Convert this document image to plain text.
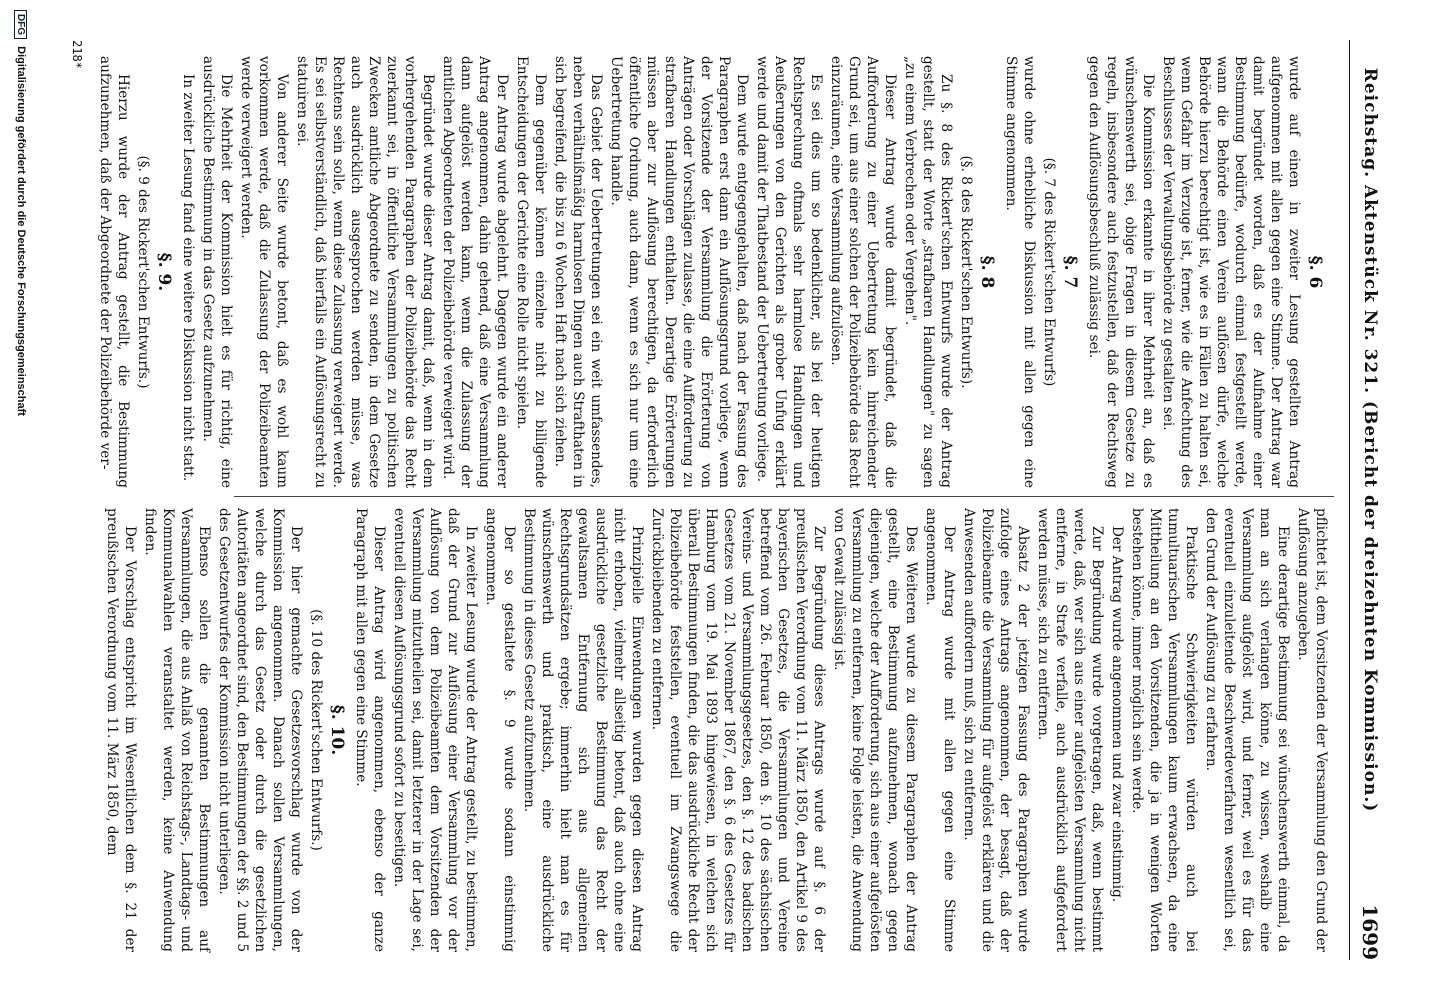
Reichstag. Aktenstück Nr. 321. (Bericht der dreizehnten Kommission.)
1699
§. 6

wurde auf einen in zweiter Lesung gestellten Antrag aufgenommen mit allen gegen eine Stimme. Der Antrag war damit begründet worden, daß es der Aufnahme einer Bestimmung bedürfe, wodurch einmal festgestellt werde, wann die Behörde einen Verein auflösen dürfe, welche Behörde hierzu berechtigt ist, wie es in Fällen zu halten sei, wenn Gefahr im Verzuge ist, ferner, wie die Anfechtung des Beschlusses der Verwaltungsbehörde zu gestalten sei.

Die Kommission erkannte in ihrer Mehrheit an, daß es wünschenswerth sei, obige Fragen in diesem Gesetze zu regeln, insbesondere auch festzustellen, daß der Rechtsweg gegen den Auflösungsbeschluß zulässig sei.

§. 7

(§. 7 des Rickert'schen Entwurfs)

wurde ohne erhebliche Diskussion mit allen gegen eine Stimme angenommen.

§. 8

(§. 8 des Rickert'schen Entwurfs).

Zu §. 8 des Rickert'schen Entwurfs wurde der Antrag gestellt, statt der Worte „strafbaren Handlungen" zu sagen „zu einem Verbrechen oder Vergehen".

Dieser Antrag wurde damit begründet, daß die Aufforderung zu einer Uebertretung kein hinreichender Grund sei, um aus einer solchen der Polizeibehörde das Recht einzuräumen, eine Versammlung aufzulösen.

Es sei dies um so bedenklicher, als bei der heutigen Rechtsprechung oftmals sehr harmlose Handlungen und Aeußerungen von den Gerichten als grober Unfug erklärt werde und damit der Thatbestand der Uebertretung vorliege.

Dem wurde entgegengehalten, daß nach der Fassung des Paragraphen erst dann ein Auflösungsgrund vorliege, wenn der Vorsitzende der Versammlung die Erörterung von Anträgen oder Vorschlägen zulasse, die eine Aufforderung zu strafbaren Handlungen enthalten. Derartige Erörterungen müssen aber zur Auflösung berechtigen, da erforderlich öffentliche Ordnung, auch dann, wenn es sich nur um eine Uebertretung handle.

Das Gebiet der Uebertretungen sei ein weit umfassendes, neben verhältnißmäßig harmlosen Dingen auch Strafthaten in sich begreifend, die bis zu 6 Wochen Haft nach sich ziehen.

Dem gegenüber können einzelne nicht zu billigende Entscheidungen der Gerichte eine Rolle nicht spielen.

Der Antrag wurde abgelehnt. Dagegen wurde ein anderer Antrag angenommen, dahin gehend, daß eine Versammlung dann aufgelöst werden kann, wenn die Zulassung der amtlichen Abgeordneten der Polizeibehörde verweigert wird.

Begründet wurde dieser Antrag damit, daß, wenn in dem vorhergehenden Paragraphen der Polizeibehörde das Recht zuerkannt sei, in öffentliche Versammlungen zu politischen Zwecken amtliche Abgeordnete zu senden, in dem Gesetze auch ausdrücklich ausgesprochen werden müsse, was Rechtens sein solle, wenn diese Zulassung verweigert werde. Es sei selbstverständlich, daß hierfalls ein Auflösungsrecht zu statuiren sei.

Von anderer Seite wurde betont, daß es wohl kaum vorkommen werde, daß die Zulassung der Polizeibeamten werde verweigert werden.

Die Mehrheit der Kommission hielt es für richtig, eine ausdrückliche Bestimmung in das Gesetz aufzunehmen.

In zweiter Lesung fand eine weitere Diskussion nicht statt.

§. 9.

(§. 9 des Rickert'schen Entwurfs.)

Hierzu wurde der Antrag gestellt, die Bestimmung aufzunehmen, daß der Abgeordnete der Polizeibehörde ver-

pflichtet ist, dem Vorsitzenden der Versammlung den Grund der Auflösung anzugeben.

Eine derartige Bestimmung sei wünschenswerth einmal, da man an sich verlangen könne, zu wissen, weshalb eine Versammlung aufgelöst wird, und ferner, weil es für das eventuell einzuleitende Beschwerdeverfahren wesentlich sei, den Grund der Auflösung zu erfahren.

Praktische Schwierigkeiten würden auch bei tumultuarischen Versammlungen kaum erwachsen, da eine Mittheilung an den Vorsitzenden, die ja in wenigen Worten bestehen könne, immer möglich sein werde.

Der Antrag wurde angenommen und zwar einstimmig.

Zur Begründung wurde vorgetragen, daß, wenn bestimmt werde, daß, wer sich aus einer aufgelösten Versammlung nicht entferne, in Strafe verfalle, auch ausdrücklich aufgefordert werden müsse, sich zu entfernen.

Absatz 2 der jetzigen Fassung des Paragraphen wurde zufolge eines Antrags angenommen, der besagt, daß der Polizeibeamte die Versammlung für aufgelöst erklären und die Anwesenden auffordern muß, sich zu entfernen.

Der Antrag wurde mit allen gegen eine Stimme angenommen.

Des Weiteren wurde zu diesem Paragraphen der Antrag gestellt, eine Bestimmung aufzunehmen, wonach gegen diejenigen, welche der Aufforderung, sich aus einer aufgelösten Versammlung zu entfernen, keine Folge leisten, die Anwendung von Gewalt zulässig ist.

Zur Begründung dieses Antrags wurde auf §. 6 der preußischen Verordnung vom 11. März 1850, den Artikel 9 des bayerischen Gesetzes, die Versammlungen und Vereine betreffend vom 26. Februar 1850, den §. 10 des sächsischen Vereins- und Versammlungsgesetzes, den §. 12 des badischen Gesetzes vom 21. November 1867, den §. 6 des Gesetzes für Hamburg vom 19. Mai 1893 hingewiesen, in welchen sich überall Bestimmungen finden, die das ausdrückliche Recht der Polizeibehörde feststellen, eventuell im Zwangswege die Zurückbleibenden zu entfernen.

Prinzipielle Einwendungen wurden gegen diesen Antrag nicht erhoben, vielmehr allseitig betont, daß auch ohne eine ausdrückliche gesetzliche Bestimmung das Recht der gewaltsamen Entfernung sich aus allgemeinen Rechtsgrundsätzen ergebe; immerhin hielt man es für wünschenswerth und praktisch, eine ausdrückliche Bestimmung in dieses Gesetz aufzunehmen.

Der so gestaltete §. 9 wurde sodann einstimmig angenommen.

In zweiter Lesung wurde der Antrag gestellt, zu bestimmen, daß der Grund zur Auflösung einer Versammlung vor der Auflösung von dem Polizeibeamten dem Vorsitzenden der Versammlung mitzutheilen sei, damit letzterer in der Lage sei, eventuell diesen Auflösungsgrund sofort zu beseitigen.

Dieser Antrag wird angenommen, ebenso der ganze Paragraph mit allen gegen eine Stimme.

§. 10.

(§. 10 des Rickert'schen Entwurfs.)

Der hier gemachte Gesetzesvorschlag wurde von der Kommission angenommen. Danach sollen Versammlungen, welche durch das Gesetz oder durch die gesetzlichen Autoritäten angeordnet sind, den Bestimmungen der §§. 2 und 5 des Gesetzentwurfes der Kommission nicht unterliegen.

Ebenso sollen die genannten Bestimmungen auf Versammlungen, die aus Anlaß von Reichstags-, Landtags- und Kommunalwahlen veranstaltet werden, keine Anwendung finden.

Der Vorschlag entspricht im Wesentlichen dem §. 21 der preußischen Verordnung vom 11. März 1850, dem

218*
DFG Digitalisierung gefördert durch die Deutsche Forschungsgemeinschaft
